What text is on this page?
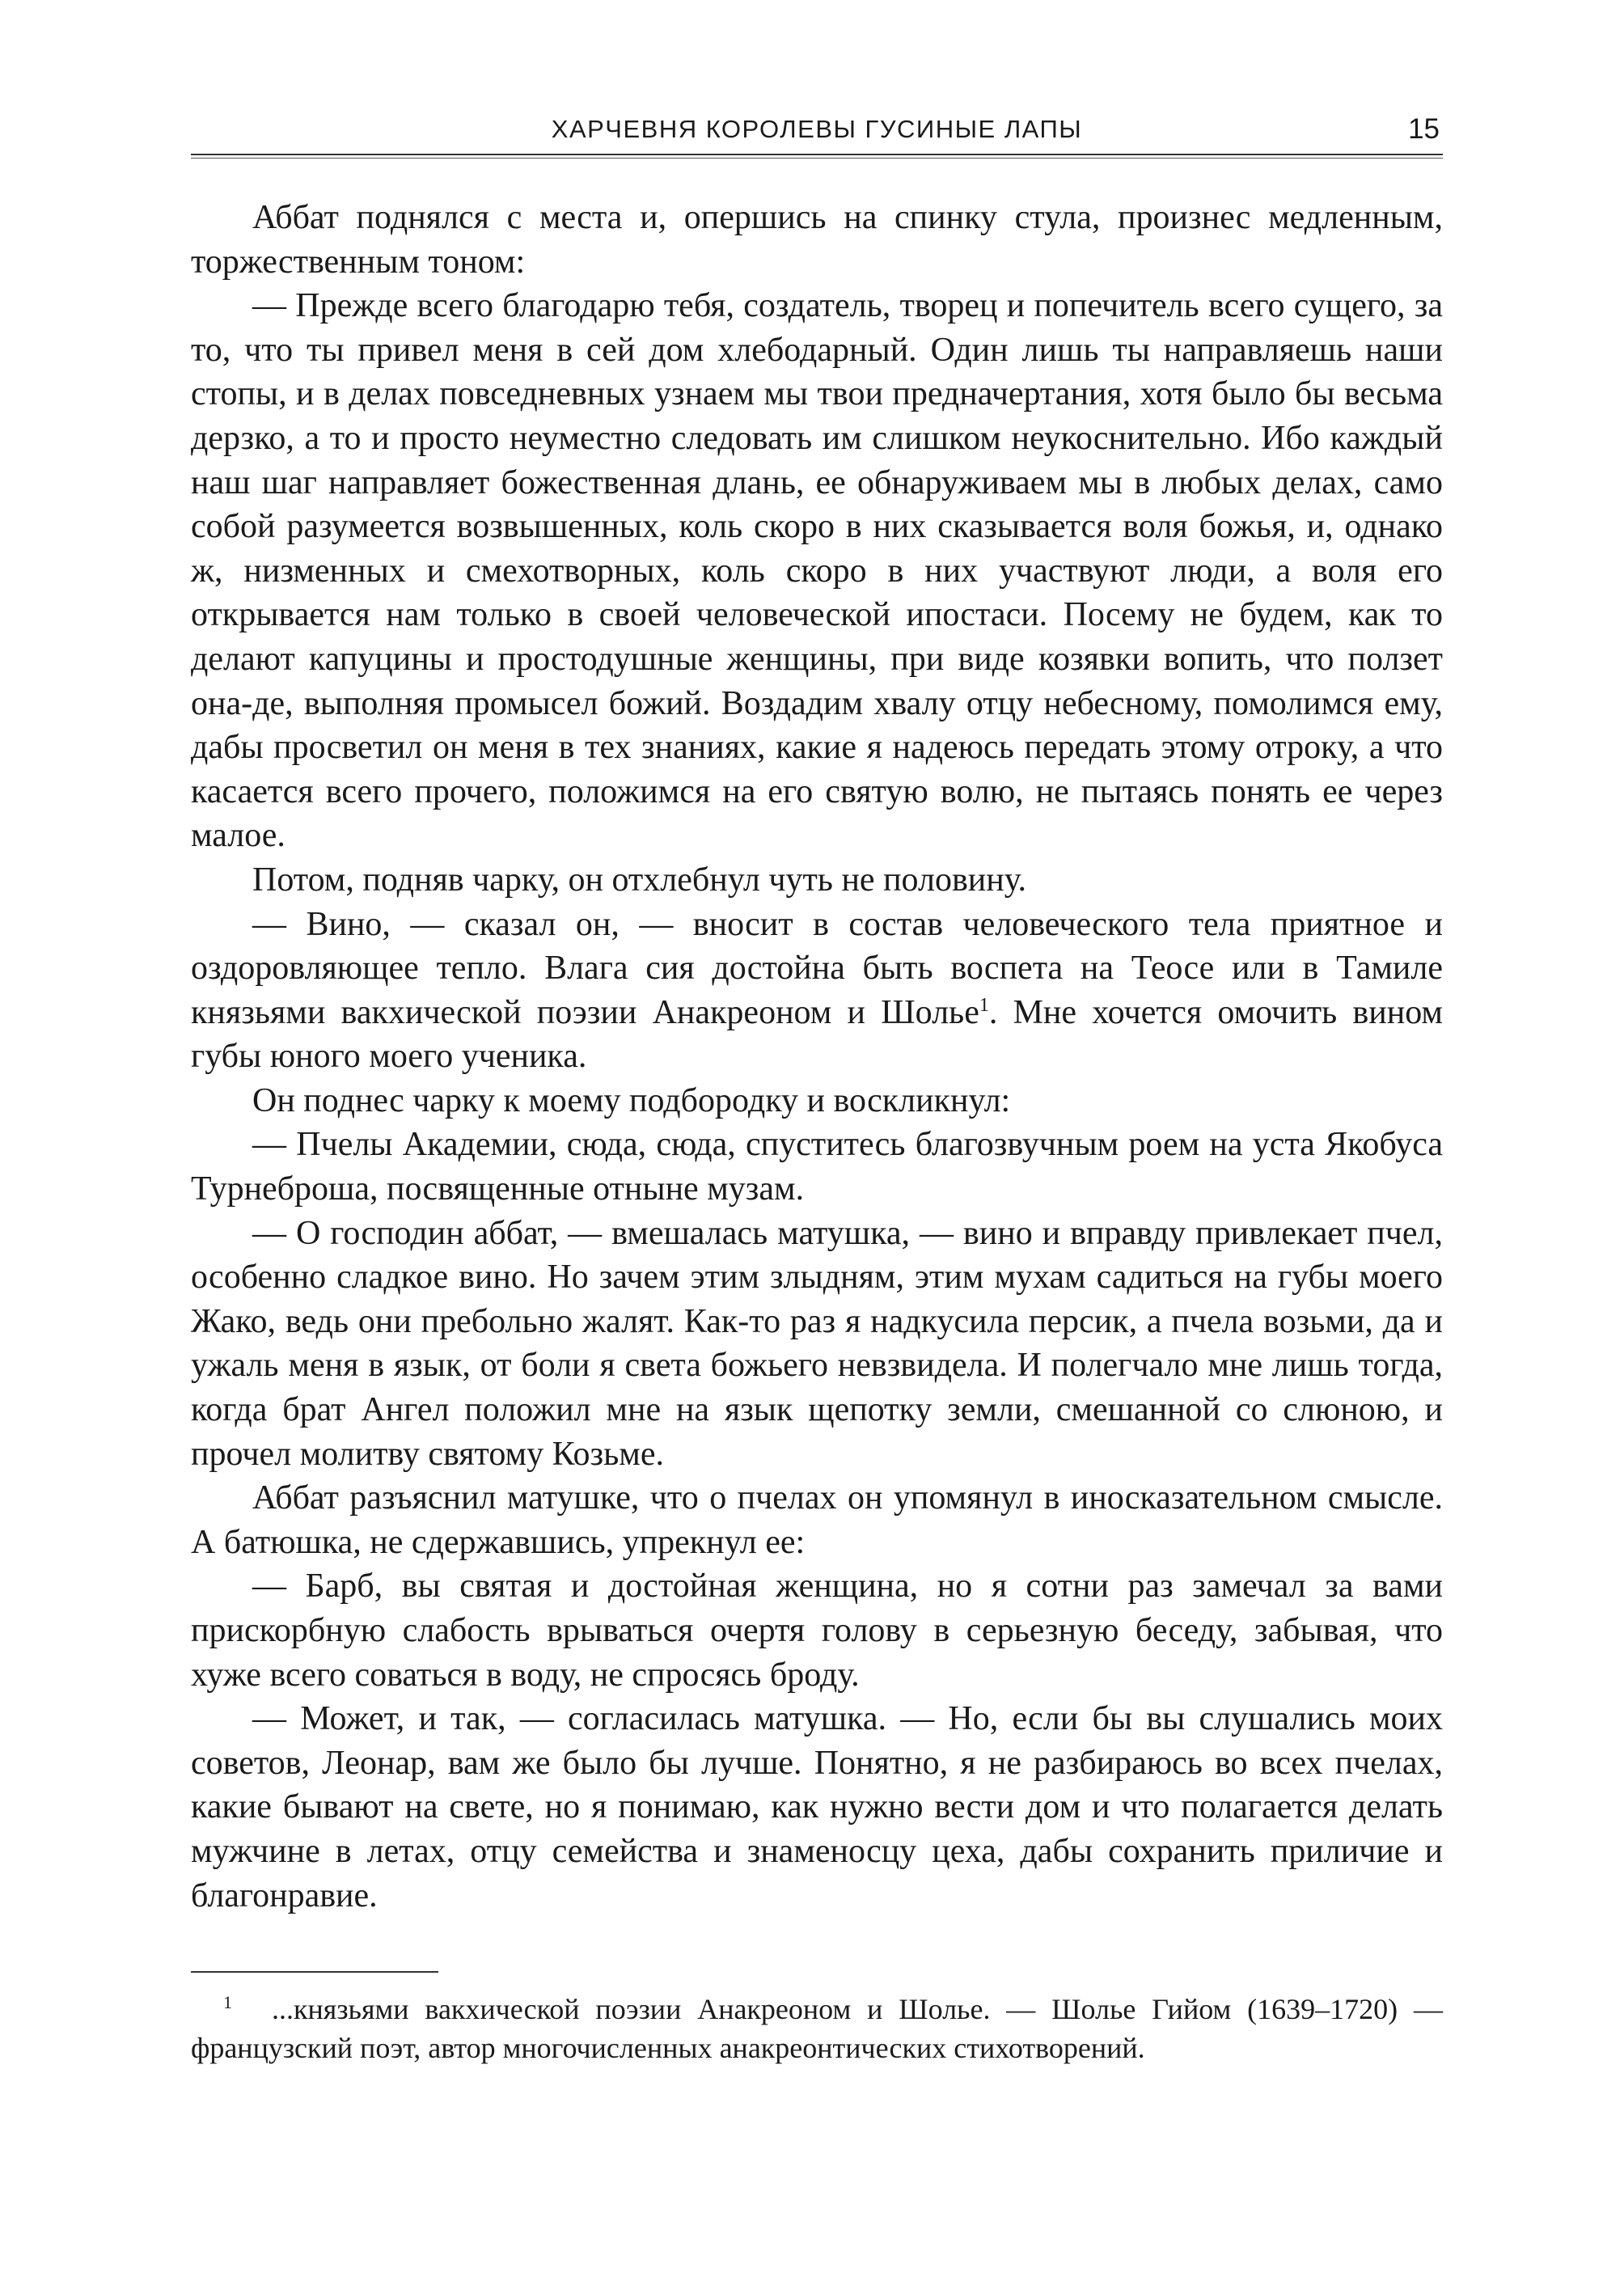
ХАРЧЕВНЯ КОРОЛЕВЫ ГУСИНЫЕ ЛАПЫ	15

Аббат поднялся с места и, опершись на спинку стула, произнес медленным, торжественным тоном:

— Прежде всего благодарю тебя, создатель, творец и попечитель всего сущего, за то, что ты привел меня в сей дом хлебодарный. Один лишь ты направляешь наши стопы, и в делах повседневных узнаем мы твои предначертания, хотя было бы весьма дерзко, а то и просто неуместно следовать им слишком неукоснительно. Ибо каждый наш шаг направляет божественная длань, ее обнаруживаем мы в любых делах, само собой разумеется возвышенных, коль скоро в них сказывается воля божья, и, однако ж, низменных и смехотворных, коль скоро в них участвуют люди, а воля его открывается нам только в своей человеческой ипостаси. Посему не будем, как то делают капуцины и простодушные женщины, при виде козявки вопить, что ползет она-де, выполняя промысел божий. Воздадим хвалу отцу небесному, помолимся ему, дабы просветил он меня в тех знаниях, какие я надеюсь передать этому отроку, а что касается всего прочего, положимся на его святую волю, не пытаясь понять ее через малое.

Потом, подняв чарку, он отхлебнул чуть не половину.

— Вино, — сказал он, — вносит в состав человеческого тела приятное и оздоровляющее тепло. Влага сия достойна быть воспета на Теосе или в Тамиле князьями вакхической поэзии Анакреоном и Шолье$^1$. Мне хочется омочить вином губы юного моего ученика.

Он поднес чарку к моему подбородку и воскликнул:

— Пчелы Академии, сюда, сюда, спуститесь благозвучным роем на уста Якобуса Турнеброша, посвященные отныне музам.

— О господин аббат, — вмешалась матушка, — вино и вправду привлекает пчел, особенно сладкое вино. Но зачем этим злыдням, этим мухам садиться на губы моего Жако, ведь они пребольно жалят. Как-то раз я надкусила персик, а пчела возьми, да и ужаль меня в язык, от боли я света божьего невзвидела. И полегчало мне лишь тогда, когда брат Ангел положил мне на язык щепотку земли, смешанной со слюною, и прочел молитву святому Козьме.

Аббат разъяснил матушке, что о пчелах он упомянул в иносказательном смысле. А батюшка, не сдержавшись, упрекнул ее:

— Барб, вы святая и достойная женщина, но я сотни раз замечал за вами прискорбную слабость врываться очертя голову в серьезную беседу, забывая, что хуже всего соваться в воду, не спросясь броду.

— Может, и так, — согласилась матушка. — Но, если бы вы слушались моих советов, Леонар, вам же было бы лучше. Понятно, я не разбираюсь во всех пчелах, какие бывают на свете, но я понимаю, как нужно вести дом и что полагается делать мужчине в летах, отцу семейства и знаменосцу цеха, дабы сохранить приличие и благонравие.

1 ...князьями вакхической поэзии Анакреоном и Шолье. — Шолье Гийом (1639–1720) — французский поэт, автор многочисленных анакреонтических стихотворений.
